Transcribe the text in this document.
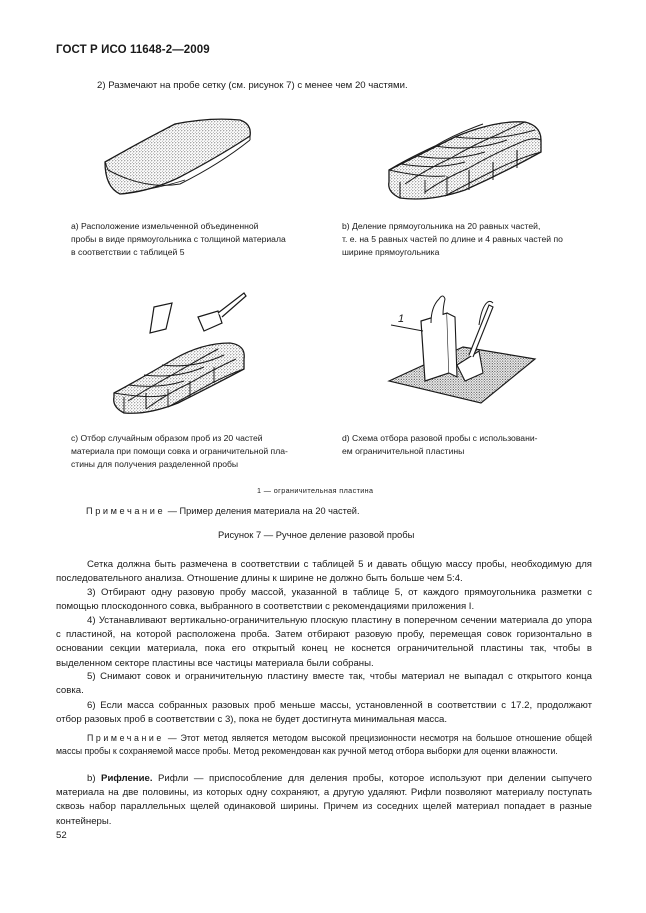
ГОСТ Р ИСО 11648-2—2009
2) Размечают на пробе сетку (см. рисунок 7) с менее чем 20 частями.
а) Расположение измельченной объединенной
пробы в виде прямоугольника с толщиной материала
в соответствии с таблицей 5
b) Деление прямоугольника на 20 равных частей,
т. е. на 5 равных частей по длине и 4 равных частей по
ширине прямоугольника
1
с) Отбор случайным образом проб из 20 частей
материала при помощи совка и ограничительной пла-
стины для получения разделенной пробы
d) Схема отбора разовой пробы с использовани-
ем ограничительной пластины
1 — ограничительная пластина
Примечание — Пример деления материала на 20 частей.
Рисунок 7 — Ручное деление разовой пробы
Сетка должна быть размечена в соответствии с таблицей 5 и давать общую массу пробы, необходимую для последовательного анализа. Отношение длины к ширине не должно быть больше чем 5:4.
3) Отбирают одну разовую пробу массой, указанной в таблице 5, от каждого прямоугольника разметки с помощью плоскодонного совка, выбранного в соответствии с рекомендациями приложения I.
4) Устанавливают вертикально-ограничительную плоскую пластину в поперечном сечении материала до упора с пластиной, на которой расположена проба. Затем отбирают разовую пробу, перемещая совок горизонтально в основании секции материала, пока его открытый конец не коснется ограничительной пластины так, чтобы в выделенном секторе пластины все частицы материала были собраны.
5) Снимают совок и ограничительную пластину вместе так, чтобы материал не выпадал с открытого конца совка.
6) Если масса собранных разовых проб меньше массы, установленной в соответствии с 17.2, продолжают отбор разовых проб в соответствии с 3), пока не будет достигнута минимальная масса.
Примечание — Этот метод является методом высокой прецизионности несмотря на большое отношение общей массы пробы к сохраняемой массе пробы. Метод рекомендован как ручной метод отбора выборки для оценки влажности.
b) Рифление. Рифли — приспособление для деления пробы, которое используют при делении сыпучего материала на две половины, из которых одну сохраняют, а другую удаляют. Рифли позволяют материалу поступать сквозь набор параллельных щелей одинаковой ширины. Причем из соседних щелей материал попадает в разные контейнеры.
52
